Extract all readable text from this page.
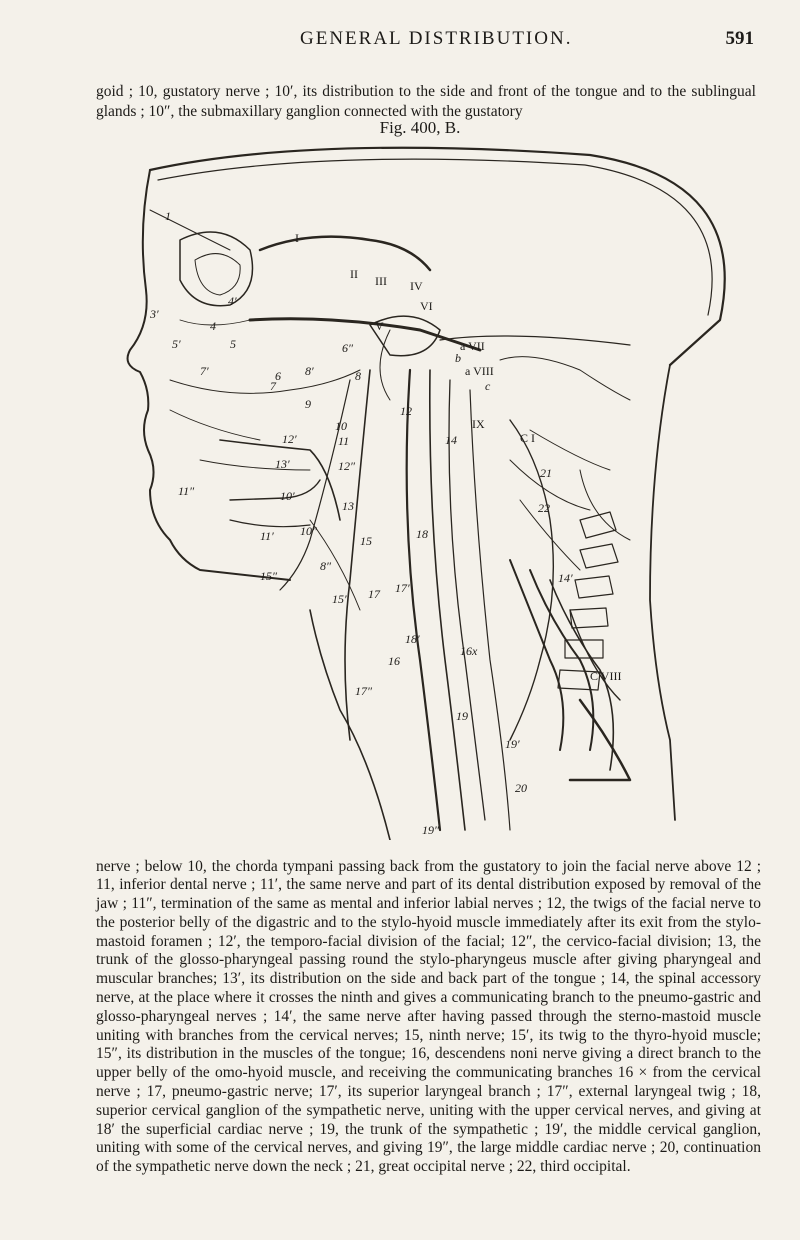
GENERAL DISTRIBUTION.	591

goid ; 10, gustatory nerve ; 10′, its distribution to the side and front of the tongue and to the sublingual glands ; 10″, the submaxillary ganglion connected with the gustatory

Fig. 400, B.
I
II III IV
VI
V
a VII
b
a VIII
c
IX
C I
C VIII
1
3′
4
4′
5
5′
6
6″
7
7′	8
8′
8″
9
10
10′
10″
11
11′
11″
12
12′
12″
13
13′
14
14′
15
15′
15″
16
16x
17 17′
17″
18
18′
19
19′
19″
20
21
22

nerve ; below 10, the chorda tympani passing back from the gustatory to join the facial nerve above 12 ; 11, inferior dental nerve ; 11′, the same nerve and part of its dental distribution exposed by removal of the jaw ; 11″, termination of the same as mental and inferior labial nerves ; 12, the twigs of the facial nerve to the posterior belly of the digastric and to the stylo-hyoid muscle immediately after its exit from the stylo-mastoid foramen ; 12′, the temporo-facial division of the facial; 12″, the cervico-facial division; 13, the trunk of the glosso-pharyngeal passing round the stylo-pharyngeus muscle after giving pharyngeal and muscular branches; 13′, its distribution on the side and back part of the tongue ; 14, the spinal accessory nerve, at the place where it crosses the ninth and gives a communicating branch to the pneumo-gastric and glosso-pharyngeal nerves ; 14′, the same nerve after having passed through the sterno-mastoid muscle uniting with branches from the cervical nerves; 15, ninth nerve; 15′, its twig to the thyro-hyoid muscle; 15″, its distribution in the muscles of the tongue; 16, descendens noni nerve giving a direct branch to the upper belly of the omo-hyoid muscle, and receiving the communicating branches 16 × from the cervical nerve ; 17, pneumo-gastric nerve; 17′, its superior laryngeal branch ; 17″, external laryngeal twig ; 18, superior cervical ganglion of the sympathetic nerve, uniting with the upper cervical nerves, and giving at 18′ the superficial cardiac nerve ; 19, the trunk of the sympathetic ; 19′, the middle cervical ganglion, uniting with some of the cervical nerves, and giving 19″, the large middle cardiac nerve ; 20, continuation of the sympathetic nerve down the neck ; 21, great occipital nerve ; 22, third occipital.
